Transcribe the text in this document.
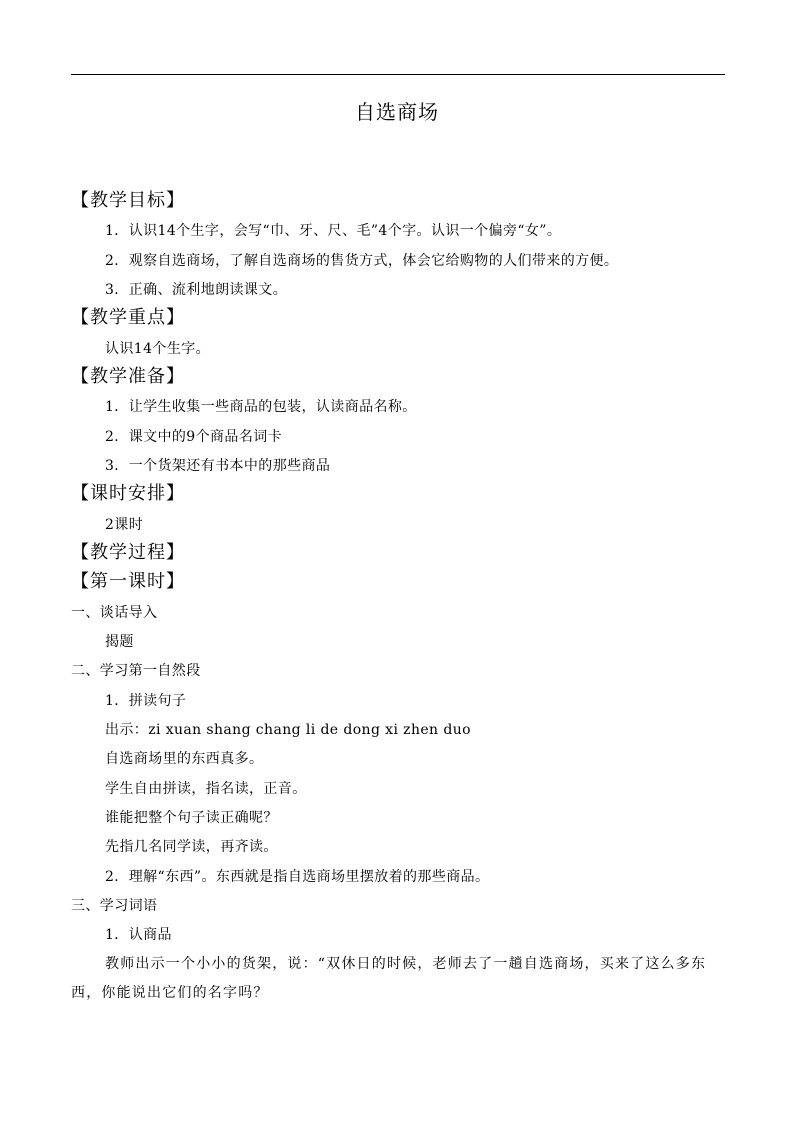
自选商场
【教学目标】
1．认识14个生字，会写“巾、牙、尺、毛”4个字。认识一个偏旁“女”。
2．观察自选商场，了解自选商场的售货方式，体会它给购物的人们带来的方便。
3．正确、流利地朗读课文。
【教学重点】
认识14个生字。
【教学准备】
1．让学生收集一些商品的包装，认读商品名称。
2．课文中的9个商品名词卡
3．一个货架还有书本中的那些商品
【课时安排】
2课时
【教学过程】
【第一课时】
一、谈话导入
揭题
二、学习第一自然段
1．拼读句子
出示：zi xuan shang chang li de dong xi zhen duo
自选商场里的东西真多。
学生自由拼读，指名读，正音。
谁能把整个句子读正确呢？
先指几名同学读，再齐读。
2．理解“东西”。东西就是指自选商场里摆放着的那些商品。
三、学习词语
1．认商品
教师出示一个小小的货架，说：“双休日的时候，老师去了一趟自选商场，买来了这么多东西，你能说出它们的名字吗？
